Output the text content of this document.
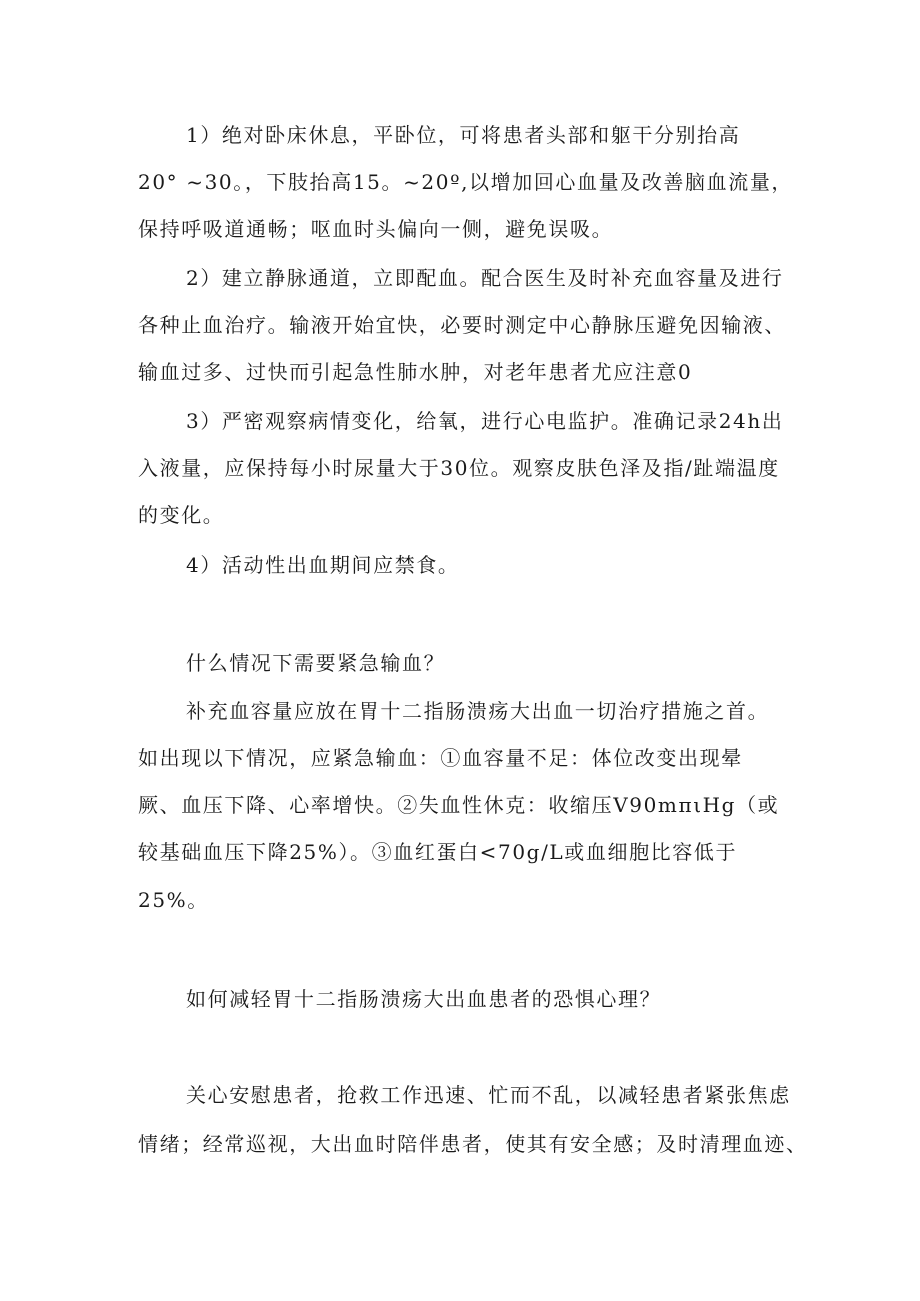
1）绝对卧床休息，平卧位，可将患者头部和躯干分别抬高

20° ~30。，下肢抬高15。~20º,以增加回心血量及改善脑血流量，

保持呼吸道通畅；呕血时头偏向一侧，避免误吸。

2）建立静脉通道，立即配血。配合医生及时补充血容量及进行

各种止血治疗。输液开始宜快，必要时测定中心静脉压避免因输液、

输血过多、过快而引起急性肺水肿，对老年患者尤应注意0

3）严密观察病情变化，给氧，进行心电监护。准确记录24h出

入液量，应保持每小时尿量大于30位。观察皮肤色泽及指/趾端温度

的变化。

4）活动性出血期间应禁食。

什么情况下需要紧急输血？

补充血容量应放在胃十二指肠溃疡大出血一切治疗措施之首。

如出现以下情况，应紧急输血：①血容量不足：体位改变出现晕

厥、血压下降、心率增快。②失血性休克：收缩压V90mπιHg（或

较基础血压下降25%）。③血红蛋白<70g/L或血细胞比容低于

25%。

如何减轻胃十二指肠溃疡大出血患者的恐惧心理？

关心安慰患者，抢救工作迅速、忙而不乱，以减轻患者紧张焦虑

情绪；经常巡视，大出血时陪伴患者，使其有安全感；及时清理血迹、
